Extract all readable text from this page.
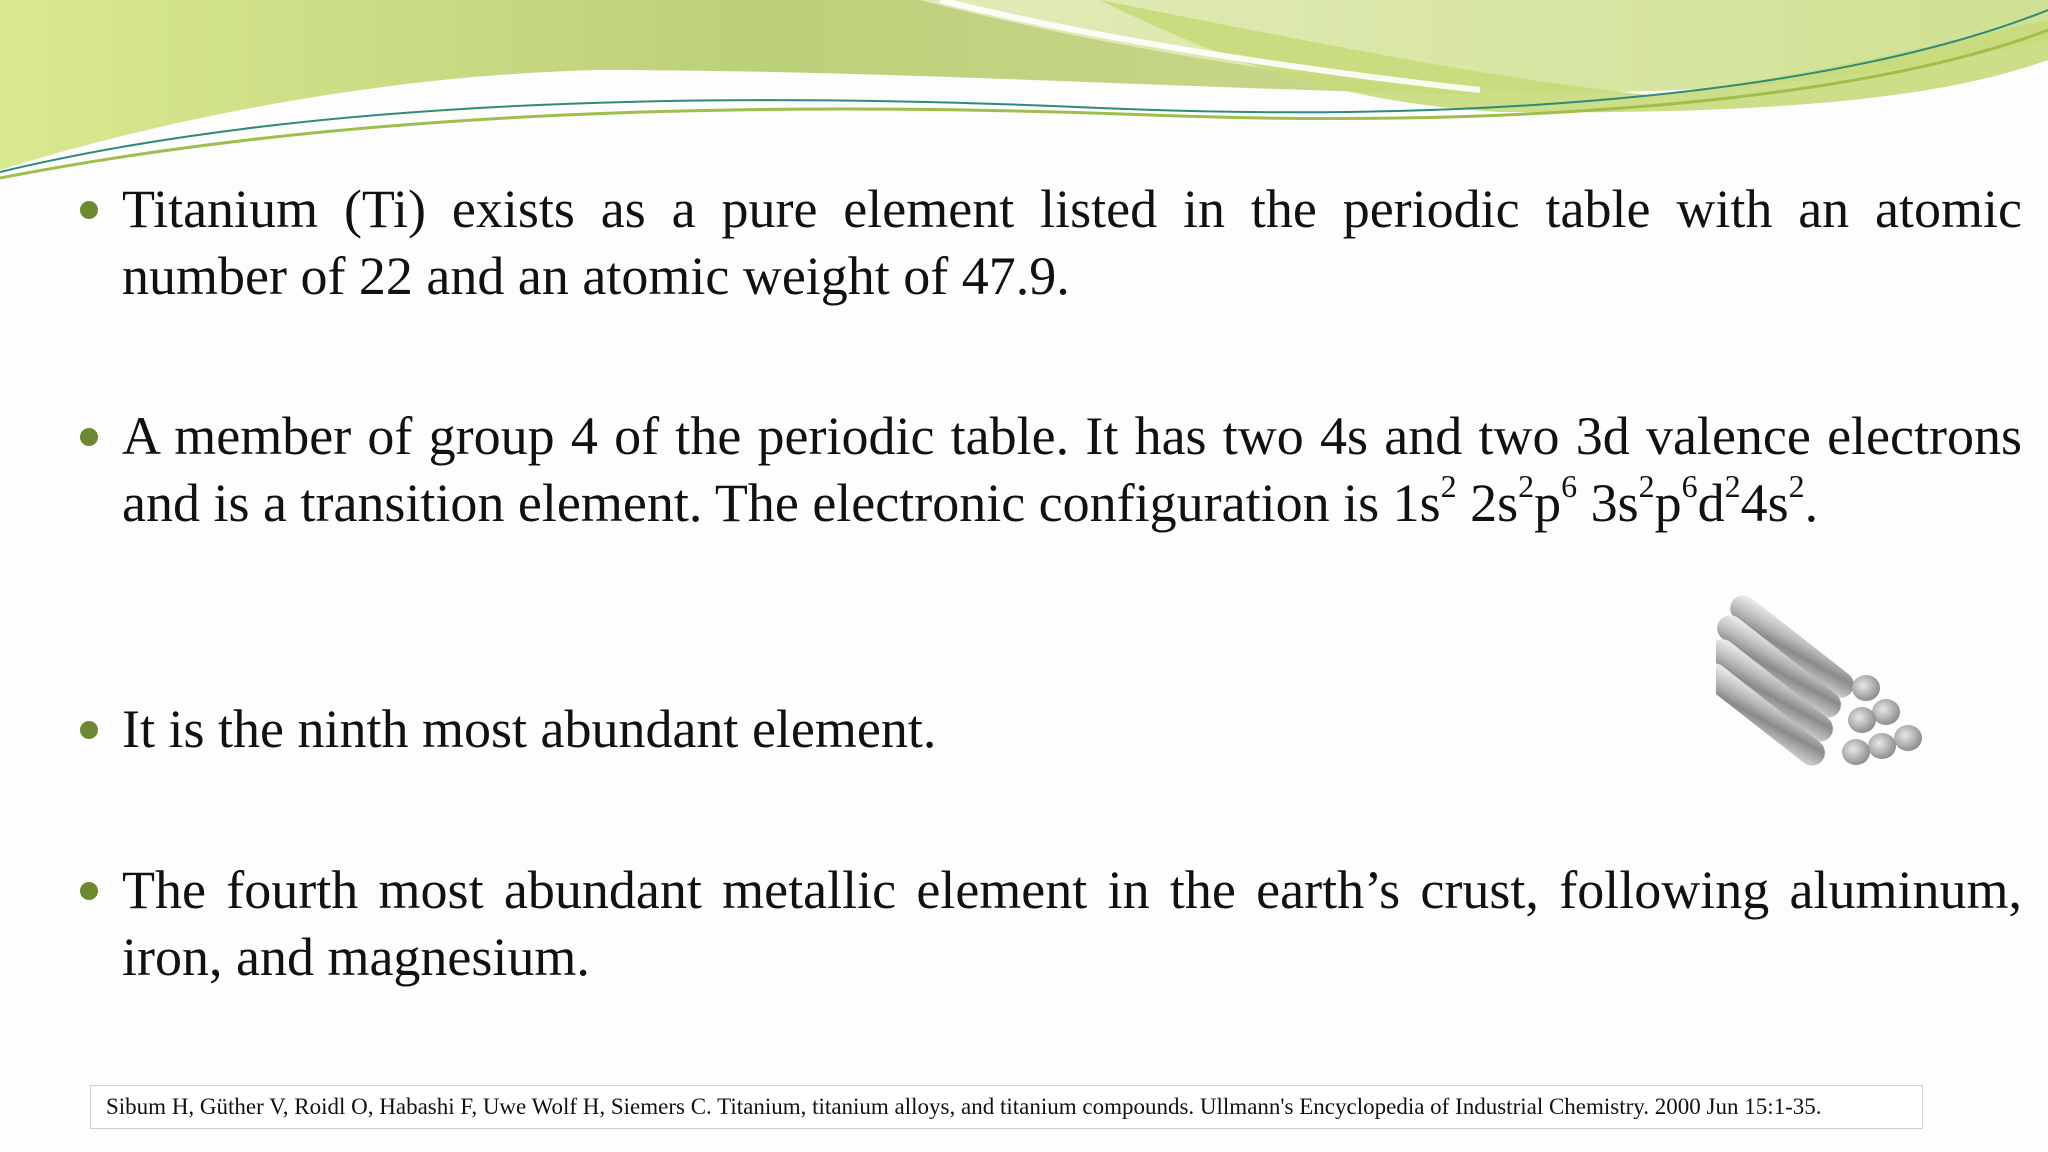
Titanium (Ti) exists as a pure element listed in the periodic table with an atomic number of 22 and an atomic weight of 47.9.
A member of group 4 of the periodic table. It has two 4s and two 3d valence electrons and is a transition element. The electronic configuration is $1s^2$ $2s^2p^6$ $3s^2p^6d^24s^2$.
It is the ninth most abundant element.
The fourth most abundant metallic element in the earth’s crust, following aluminum, iron, and magnesium.
Sibum H, Güther V, Roidl O, Habashi F, Uwe Wolf H, Siemers C. Titanium, titanium alloys, and titanium compounds. Ullmann's Encyclopedia of Industrial Chemistry. 2000 Jun 15:1-35.
